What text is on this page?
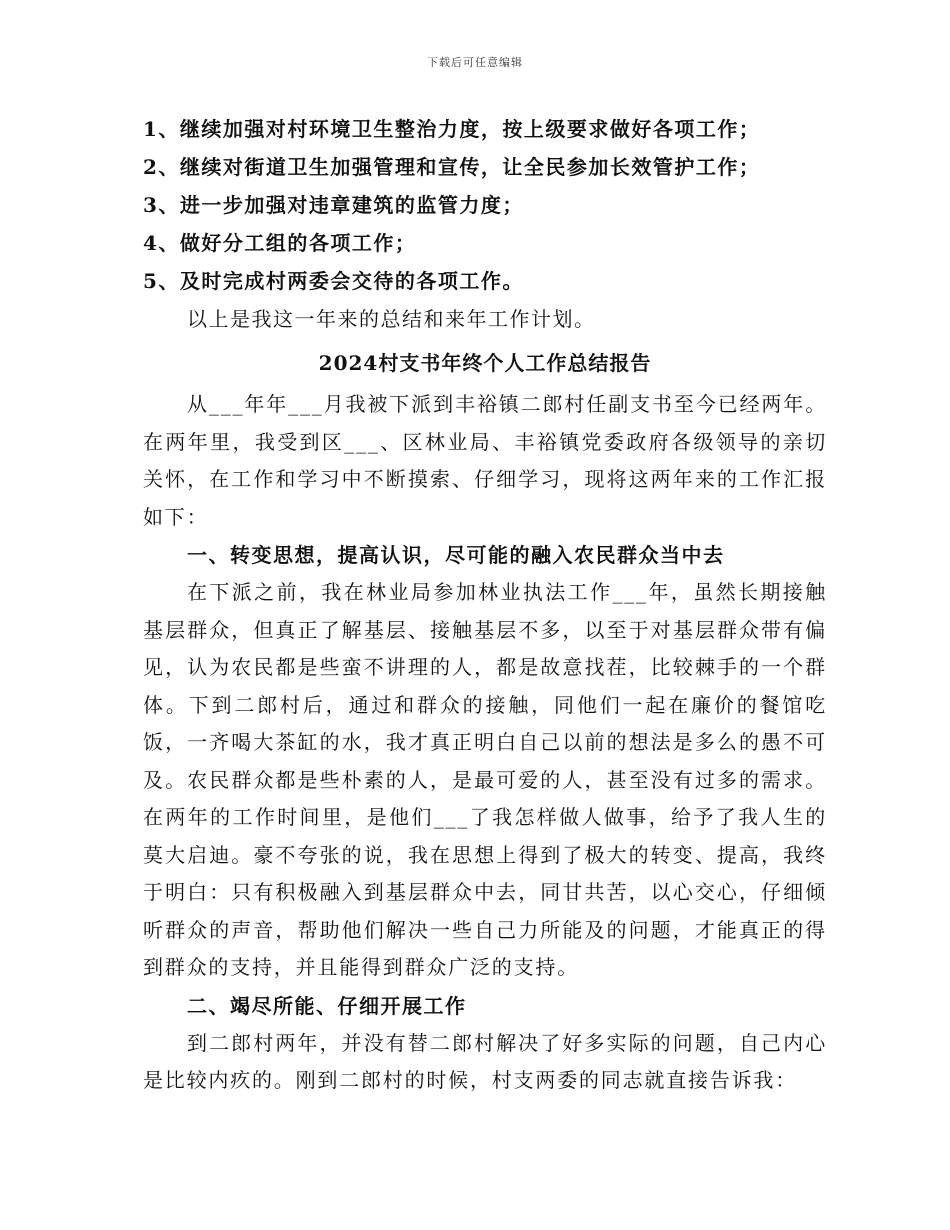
下载后可任意编辑
1、继续加强对村环境卫生整治力度，按上级要求做好各项工作；
2、继续对街道卫生加强管理和宣传，让全民参加长效管护工作；
3、进一步加强对违章建筑的监管力度；
4、做好分工组的各项工作；
5、及时完成村两委会交待的各项工作。
以上是我这一年来的总结和来年工作计划。
2024村支书年终个人工作总结报告
从___年年___月我被下派到丰裕镇二郎村任副支书至今已经两年。在两年里，我受到区___、区林业局、丰裕镇党委政府各级领导的亲切关怀，在工作和学习中不断摸索、仔细学习，现将这两年来的工作汇报如下：
一、转变思想，提高认识，尽可能的融入农民群众当中去
在下派之前，我在林业局参加林业执法工作___年，虽然长期接触基层群众，但真正了解基层、接触基层不多，以至于对基层群众带有偏见，认为农民都是些蛮不讲理的人，都是故意找茬，比较棘手的一个群体。下到二郎村后，通过和群众的接触，同他们一起在廉价的餐馆吃饭，一齐喝大茶缸的水，我才真正明白自己以前的想法是多么的愚不可及。农民群众都是些朴素的人，是最可爱的人，甚至没有过多的需求。在两年的工作时间里，是他们___了我怎样做人做事，给予了我人生的莫大启迪。豪不夸张的说，我在思想上得到了极大的转变、提高，我终于明白：只有积极融入到基层群众中去，同甘共苦，以心交心，仔细倾听群众的声音，帮助他们解决一些自己力所能及的问题，才能真正的得到群众的支持，并且能得到群众广泛的支持。
二、竭尽所能、仔细开展工作
到二郎村两年，并没有替二郎村解决了好多实际的问题，自己内心是比较内疚的。刚到二郎村的时候，村支两委的同志就直接告诉我：
